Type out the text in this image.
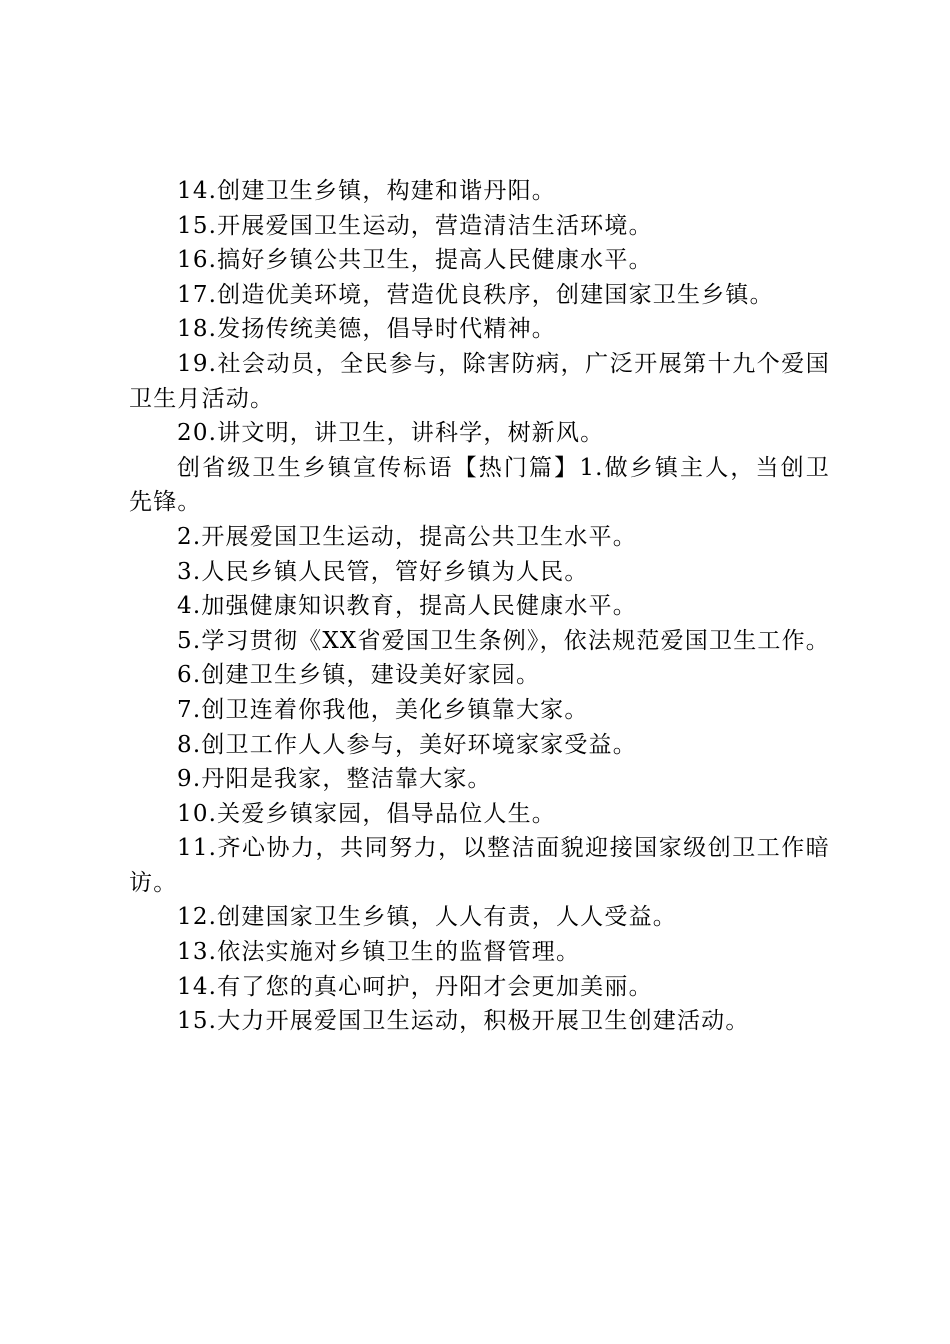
14.创建卫生乡镇，构建和谐丹阳。

15.开展爱国卫生运动，营造清洁生活环境。

16.搞好乡镇公共卫生，提高人民健康水平。

17.创造优美环境，营造优良秩序，创建国家卫生乡镇。

18.发扬传统美德，倡导时代精神。

19.社会动员，全民参与，除害防病，广泛开展第十九个爱国卫生月活动。

20.讲文明，讲卫生，讲科学，树新风。

创省级卫生乡镇宣传标语【热门篇】1.做乡镇主人，当创卫先锋。

2.开展爱国卫生运动，提高公共卫生水平。

3.人民乡镇人民管，管好乡镇为人民。

4.加强健康知识教育，提高人民健康水平。

5.学习贯彻《XX省爱国卫生条例》，依法规范爱国卫生工作。

6.创建卫生乡镇，建设美好家园。

7.创卫连着你我他，美化乡镇靠大家。

8.创卫工作人人参与，美好环境家家受益。

9.丹阳是我家，整洁靠大家。

10.关爱乡镇家园，倡导品位人生。

11.齐心协力，共同努力，以整洁面貌迎接国家级创卫工作暗访。

12.创建国家卫生乡镇，人人有责，人人受益。

13.依法实施对乡镇卫生的监督管理。

14.有了您的真心呵护，丹阳才会更加美丽。

15.大力开展爱国卫生运动，积极开展卫生创建活动。
